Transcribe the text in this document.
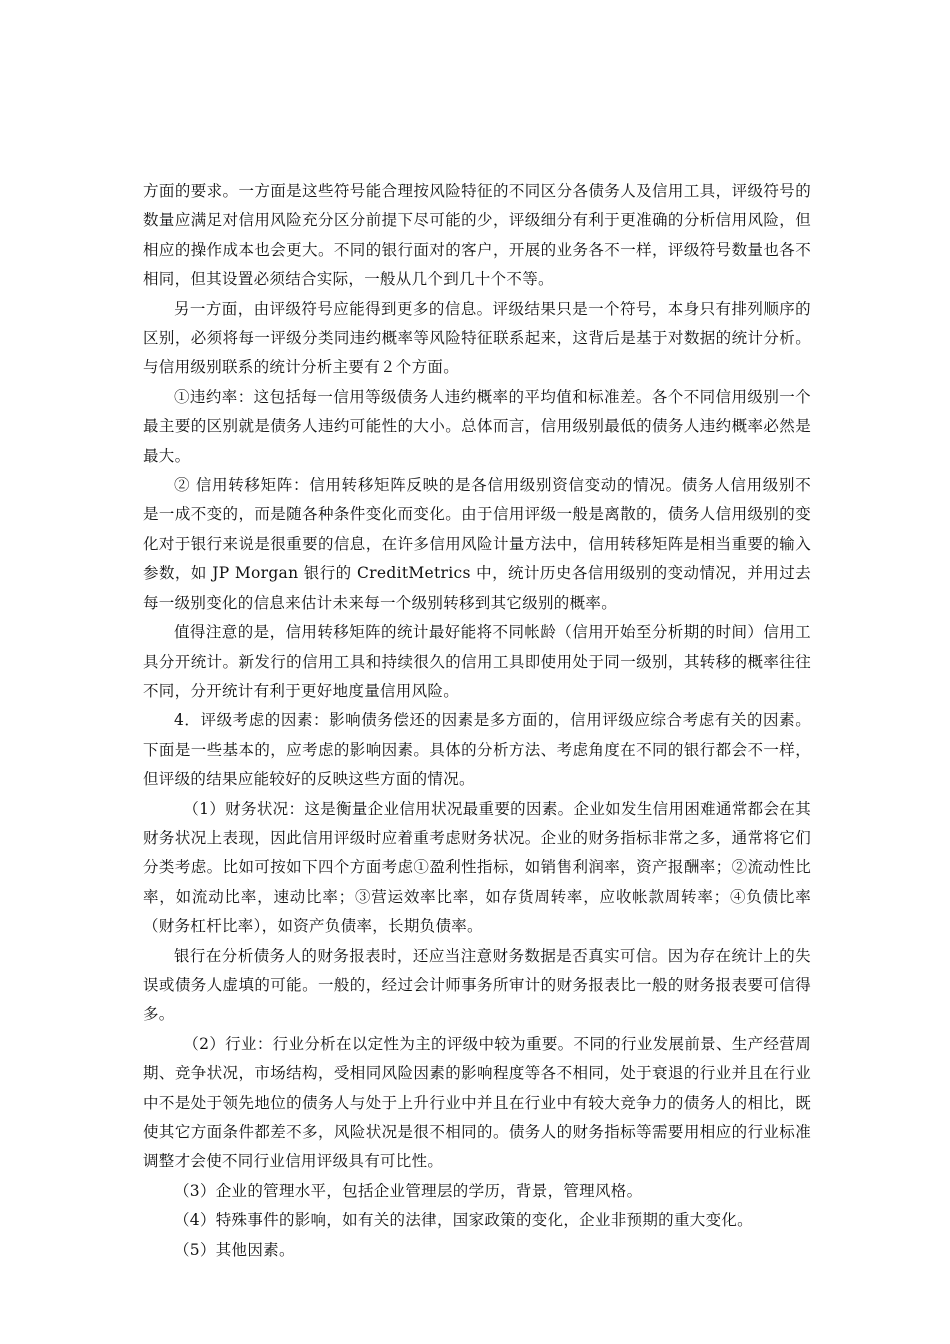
方面的要求。一方面是这些符号能合理按风险特征的不同区分各债务人及信用工具，评级符号的数量应满足对信用风险充分区分前提下尽可能的少，评级细分有利于更准确的分析信用风险，但相应的操作成本也会更大。不同的银行面对的客户，开展的业务各不一样，评级符号数量也各不相同，但其设置必须结合实际，一般从几个到几十个不等。

另一方面，由评级符号应能得到更多的信息。评级结果只是一个符号，本身只有排列顺序的区别，必须将每一评级分类同违约概率等风险特征联系起来，这背后是基于对数据的统计分析。与信用级别联系的统计分析主要有２个方面。

①违约率：这包括每一信用等级债务人违约概率的平均值和标准差。各个不同信用级别一个最主要的区别就是债务人违约可能性的大小。总体而言，信用级别最低的债务人违约概率必然是最大。

② 信用转移矩阵：信用转移矩阵反映的是各信用级别资信变动的情况。债务人信用级别不是一成不变的，而是随各种条件变化而变化。由于信用评级一般是离散的，债务人信用级别的变化对于银行来说是很重要的信息，在许多信用风险计量方法中，信用转移矩阵是相当重要的输入参数，如 JP Morgan 银行的 CreditMetrics 中，统计历史各信用级别的变动情况，并用过去每一级别变化的信息来估计未来每一个级别转移到其它级别的概率。

值得注意的是，信用转移矩阵的统计最好能将不同帐龄（信用开始至分析期的时间）信用工具分开统计。新发行的信用工具和持续很久的信用工具即使用处于同一级别，其转移的概率往往不同，分开统计有利于更好地度量信用风险。

4．评级考虑的因素：影响债务偿还的因素是多方面的，信用评级应综合考虑有关的因素。下面是一些基本的，应考虑的影响因素。具体的分析方法、考虑角度在不同的银行都会不一样，但评级的结果应能较好的反映这些方面的情况。

（1）财务状况：这是衡量企业信用状况最重要的因素。企业如发生信用困难通常都会在其财务状况上表现，因此信用评级时应着重考虑财务状况。企业的财务指标非常之多，通常将它们分类考虑。比如可按如下四个方面考虑①盈利性指标，如销售利润率，资产报酬率；②流动性比率，如流动比率，速动比率；③营运效率比率，如存货周转率，应收帐款周转率；④负债比率（财务杠杆比率），如资产负债率，长期负债率。

银行在分析债务人的财务报表时，还应当注意财务数据是否真实可信。因为存在统计上的失误或债务人虚填的可能。一般的，经过会计师事务所审计的财务报表比一般的财务报表要可信得多。

（2）行业：行业分析在以定性为主的评级中较为重要。不同的行业发展前景、生产经营周期、竞争状况，市场结构，受相同风险因素的影响程度等各不相同，处于衰退的行业并且在行业中不是处于领先地位的债务人与处于上升行业中并且在行业中有较大竞争力的债务人的相比，既使其它方面条件都差不多，风险状况是很不相同的。债务人的财务指标等需要用相应的行业标准调整才会使不同行业信用评级具有可比性。

（3）企业的管理水平，包括企业管理层的学历，背景，管理风格。

（4）特殊事件的影响，如有关的法律，国家政策的变化，企业非预期的重大变化。

（5）其他因素。
